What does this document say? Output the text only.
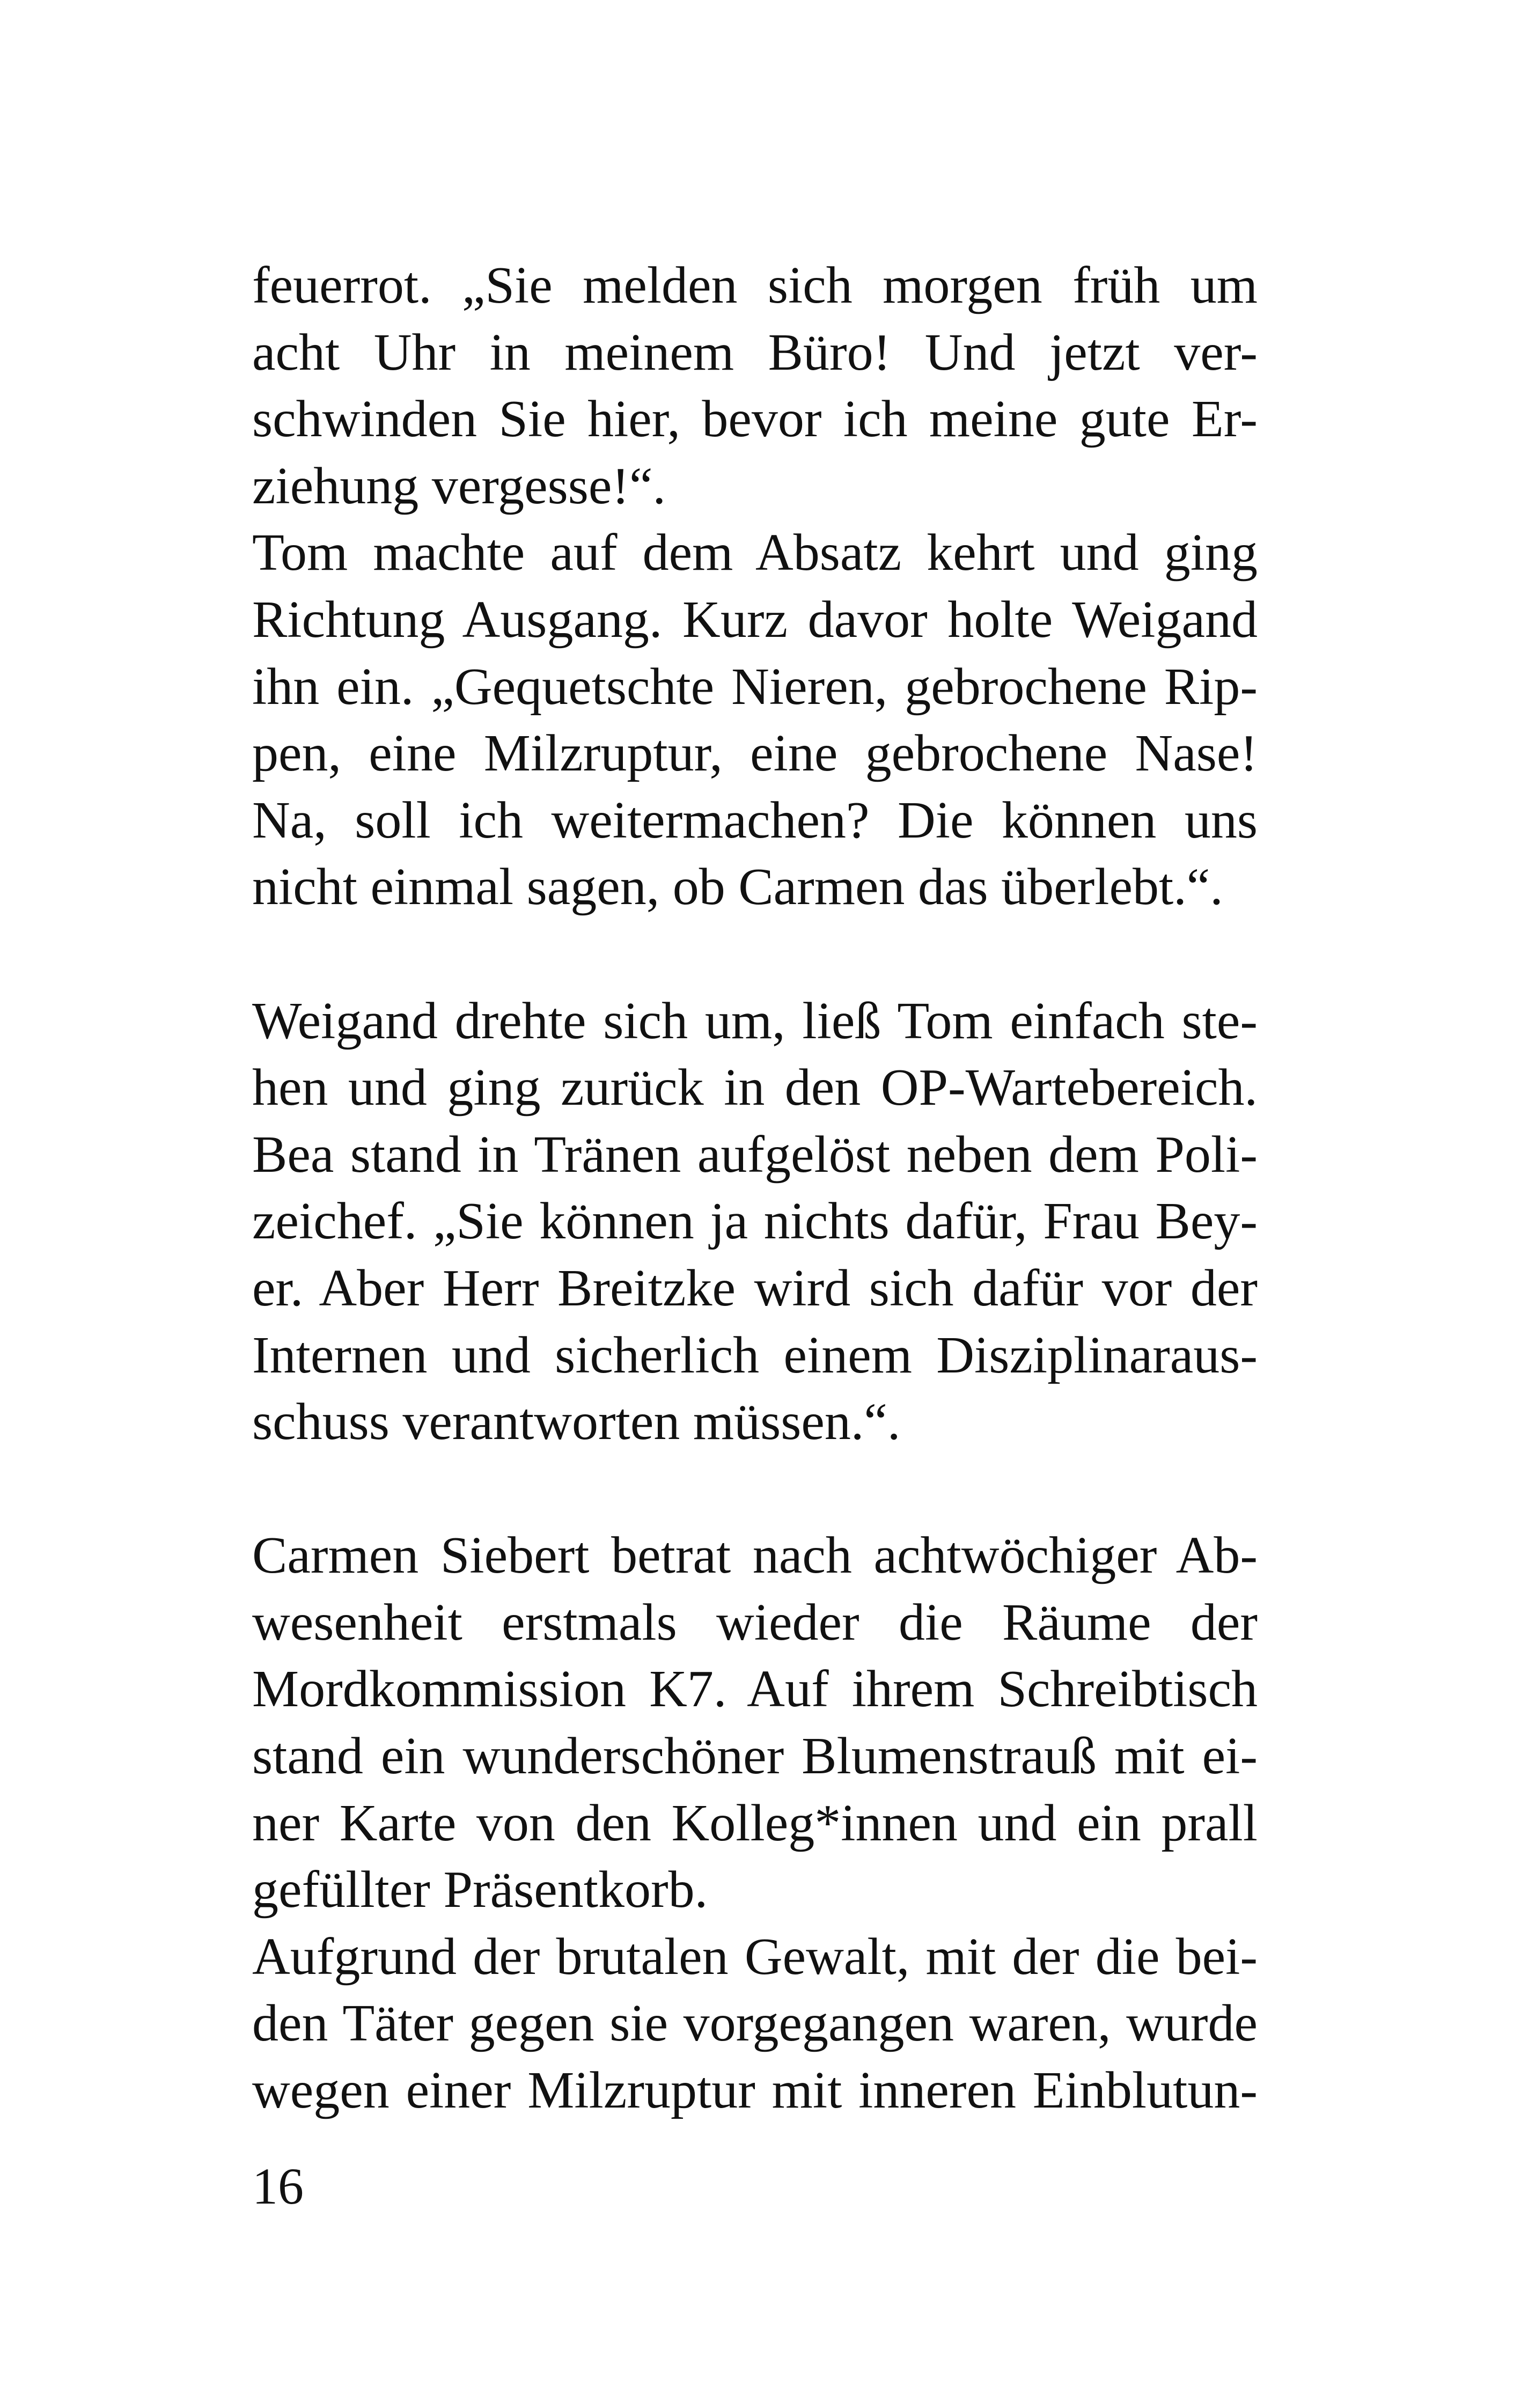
feuerrot. „Sie melden sich morgen früh um
acht Uhr in meinem Büro! Und jetzt ver-
schwinden Sie hier, bevor ich meine gute Er-
ziehung vergesse!“.
Tom machte auf dem Absatz kehrt und ging
Richtung Ausgang. Kurz davor holte Weigand
ihn ein. „Gequetschte Nieren, gebrochene Rip-
pen, eine Milzruptur, eine gebrochene Nase!
Na, soll ich weitermachen? Die können uns
nicht einmal sagen, ob Carmen das überlebt.“.
Weigand drehte sich um, ließ Tom einfach ste-
hen und ging zurück in den OP-Wartebereich.
Bea stand in Tränen aufgelöst neben dem Poli-
zeichef. „Sie können ja nichts dafür, Frau Bey-
er. Aber Herr Breitzke wird sich dafür vor der
Internen und sicherlich einem Disziplinaraus-
schuss verantworten müssen.“.
Carmen Siebert betrat nach achtwöchiger Ab-
wesenheit erstmals wieder die Räume der
Mordkommission K7. Auf ihrem Schreibtisch
stand ein wunderschöner Blumenstrauß mit ei-
ner Karte von den Kolleg*innen und ein prall
gefüllter Präsentkorb.
Aufgrund der brutalen Gewalt, mit der die bei-
den Täter gegen sie vorgegangen waren, wurde
wegen einer Milzruptur mit inneren Einblutun-
16
